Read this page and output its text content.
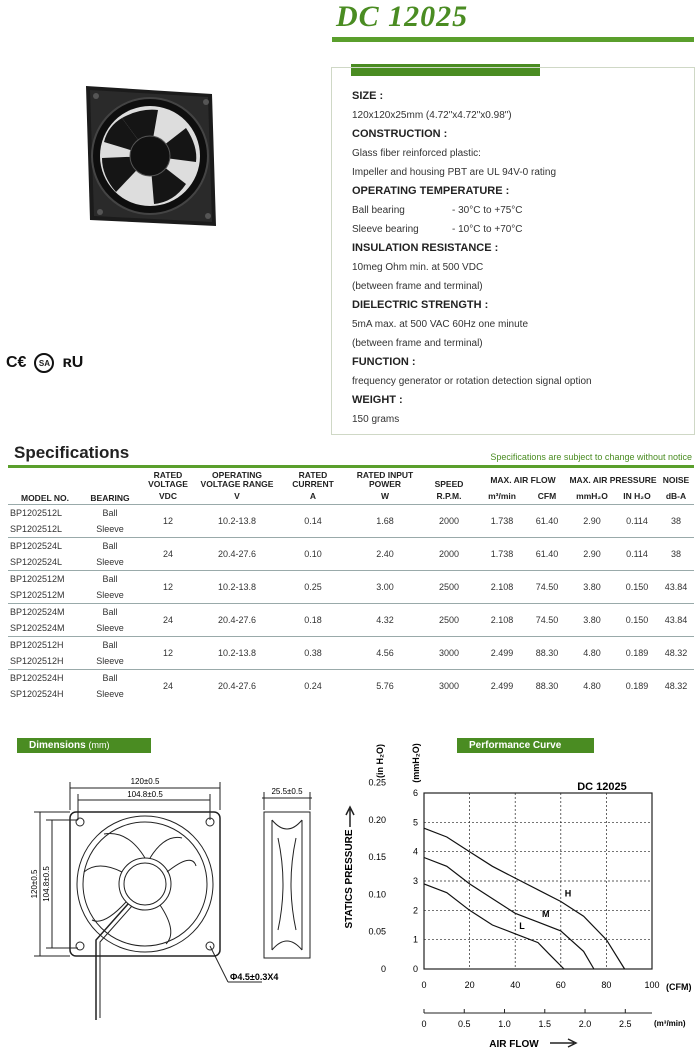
DC 12025
C€	SA ʀU
SIZE :
120x120x25mm (4.72"x4.72"x0.98")
CONSTRUCTION :
Glass fiber reinforced plastic:
Impeller and housing PBT are UL 94V-0 rating
OPERATING TEMPERATURE :
Ball bearing	- 30°C to +75°C
Sleeve bearing	- 10°C to +70°C
INSULATION RESISTANCE :
10meg Ohm min. at 500 VDC
(between frame and terminal)
DIELECTRIC STRENGTH :
5mA max. at 500 VAC 60Hz one minute
(between frame and terminal)
FUNCTION :
frequency generator or rotation detection signal option
WEIGHT :
150 grams
Specifications	Specifications are subject to change without notice
MODEL NO.	BEARING	RATED VOLTAGE	OPERATING VOLTAGE RANGE	RATED CURRENT	RATED INPUT POWER	SPEED	MAX. AIR FLOW		MAX. AIR PRESSURE		NOISE
		VDC	V	A	W	R.P.M.	m³/min	CFM	mmH₂O	IN H₂O	dB-A
BP1202512L	Ball	12	10.2-13.8	0.14	1.68	2000	1.738	61.40	2.90	0.114	38
SP1202512L	Sleeve										
BP1202524L	Ball	24	20.4-27.6	0.10	2.40	2000	1.738	61.40	2.90	0.114	38
SP1202524L	Sleeve										
BP1202512M	Ball	12	10.2-13.8	0.25	3.00	2500	2.108	74.50	3.80	0.150	43.84
SP1202512M	Sleeve										
BP1202524M	Ball	24	20.4-27.6	0.18	4.32	2500	2.108	74.50	3.80	0.150	43.84
SP1202524M	Sleeve										
BP1202512H	Ball	12	10.2-13.8	0.38	4.56	3000	2.499	88.30	4.80	0.189	48.32
SP1202512H	Sleeve										
BP1202524H	Ball	24	20.4-27.6	0.24	5.76	3000	2.499	88.30	4.80	0.189	48.32
SP1202524H	Sleeve										
Dimensions (mm)
120±0.5
104.8±0.5	25.5±0.5
120±0.5 104.8±0.5
Φ4.5±0.3X4
Performance Curve
DC 12025
(in H₂O)	(mmH₂O)
STATICS PRESSURE
(CFM)
(m³/min)
AIR FLOW
0	20	40	60	80	100
0
1
2
3
4
5
6
0
0.05
0.10
0.15
0.20
0.25
0	0.5	1.0	1.5	2.0	2.5
H
M
L
